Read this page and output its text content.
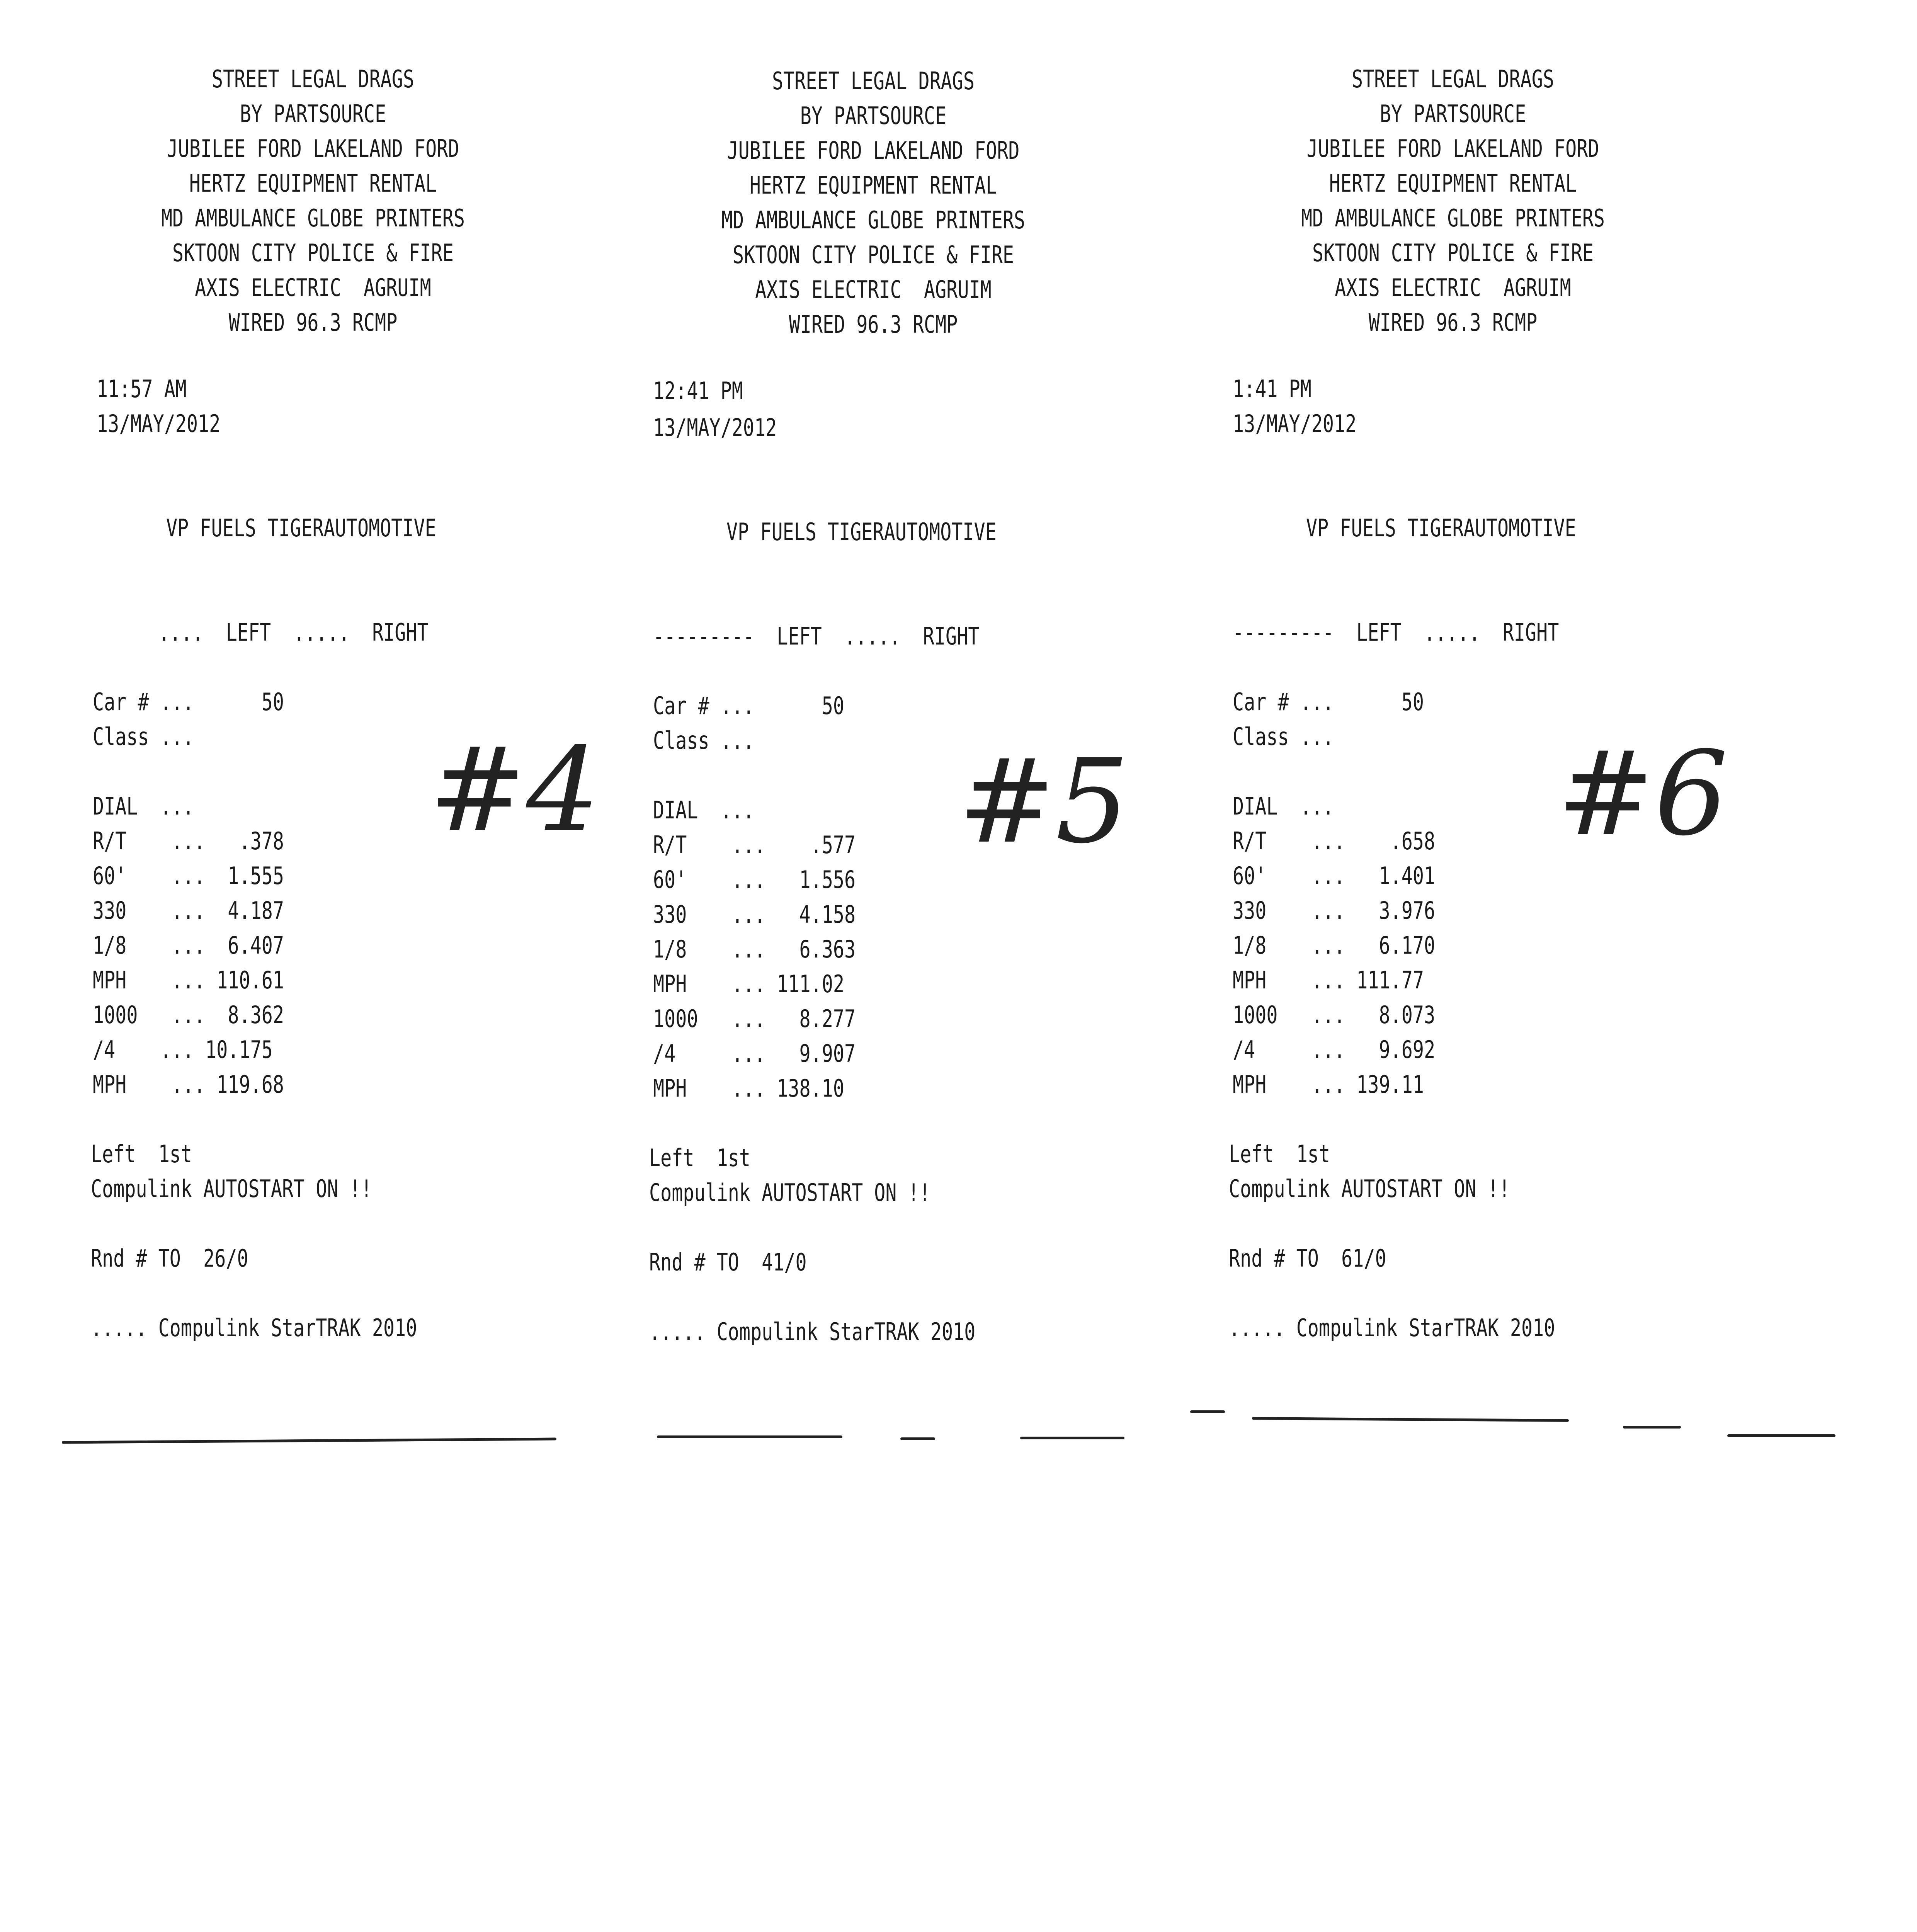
STREET LEGAL DRAGS
BY PARTSOURCE
JUBILEE FORD LAKELAND FORD
HERTZ EQUIPMENT RENTAL
MD AMBULANCE GLOBE PRINTERS
SKTOON CITY POLICE & FIRE
AXIS ELECTRIC  AGRUIM
WIRED 96.3 RCMP
11:57 AM
13/MAY/2012
VP FUELS TIGERAUTOMOTIVE
....  LEFT  .....  RIGHT
Car # ...      50
Class ...
DIAL  ...
R/T    ...   .378
60'    ...  1.555
330    ...  4.187
1/8    ...  6.407
MPH    ... 110.61
1000   ...  8.362
/4    ... 10.175
MPH    ... 119.68
Left  1st
Compulink AUTOSTART ON !!
Rnd # TO  26/0
..... Compulink StarTRAK 2010
#4
STREET LEGAL DRAGS
BY PARTSOURCE
JUBILEE FORD LAKELAND FORD
HERTZ EQUIPMENT RENTAL
MD AMBULANCE GLOBE PRINTERS
SKTOON CITY POLICE & FIRE
AXIS ELECTRIC  AGRUIM
WIRED 96.3 RCMP
12:41 PM
13/MAY/2012
VP FUELS TIGERAUTOMOTIVE
---------  LEFT  .....  RIGHT
Car # ...      50
Class ...
DIAL  ...
R/T    ...    .577
60'    ...   1.556
330    ...   4.158
1/8    ...   6.363
MPH    ... 111.02
1000   ...   8.277
/4     ...   9.907
MPH    ... 138.10
Left  1st
Compulink AUTOSTART ON !!
Rnd # TO  41/0
..... Compulink StarTRAK 2010
#5
STREET LEGAL DRAGS
BY PARTSOURCE
JUBILEE FORD LAKELAND FORD
HERTZ EQUIPMENT RENTAL
MD AMBULANCE GLOBE PRINTERS
SKTOON CITY POLICE & FIRE
AXIS ELECTRIC  AGRUIM
WIRED 96.3 RCMP
1:41 PM
13/MAY/2012
VP FUELS TIGERAUTOMOTIVE
---------  LEFT  .....  RIGHT
Car # ...      50
Class ...
DIAL  ...
R/T    ...    .658
60'    ...   1.401
330    ...   3.976
1/8    ...   6.170
MPH    ... 111.77
1000   ...   8.073
/4     ...   9.692
MPH    ... 139.11
Left  1st
Compulink AUTOSTART ON !!
Rnd # TO  61/0
..... Compulink StarTRAK 2010
#6
